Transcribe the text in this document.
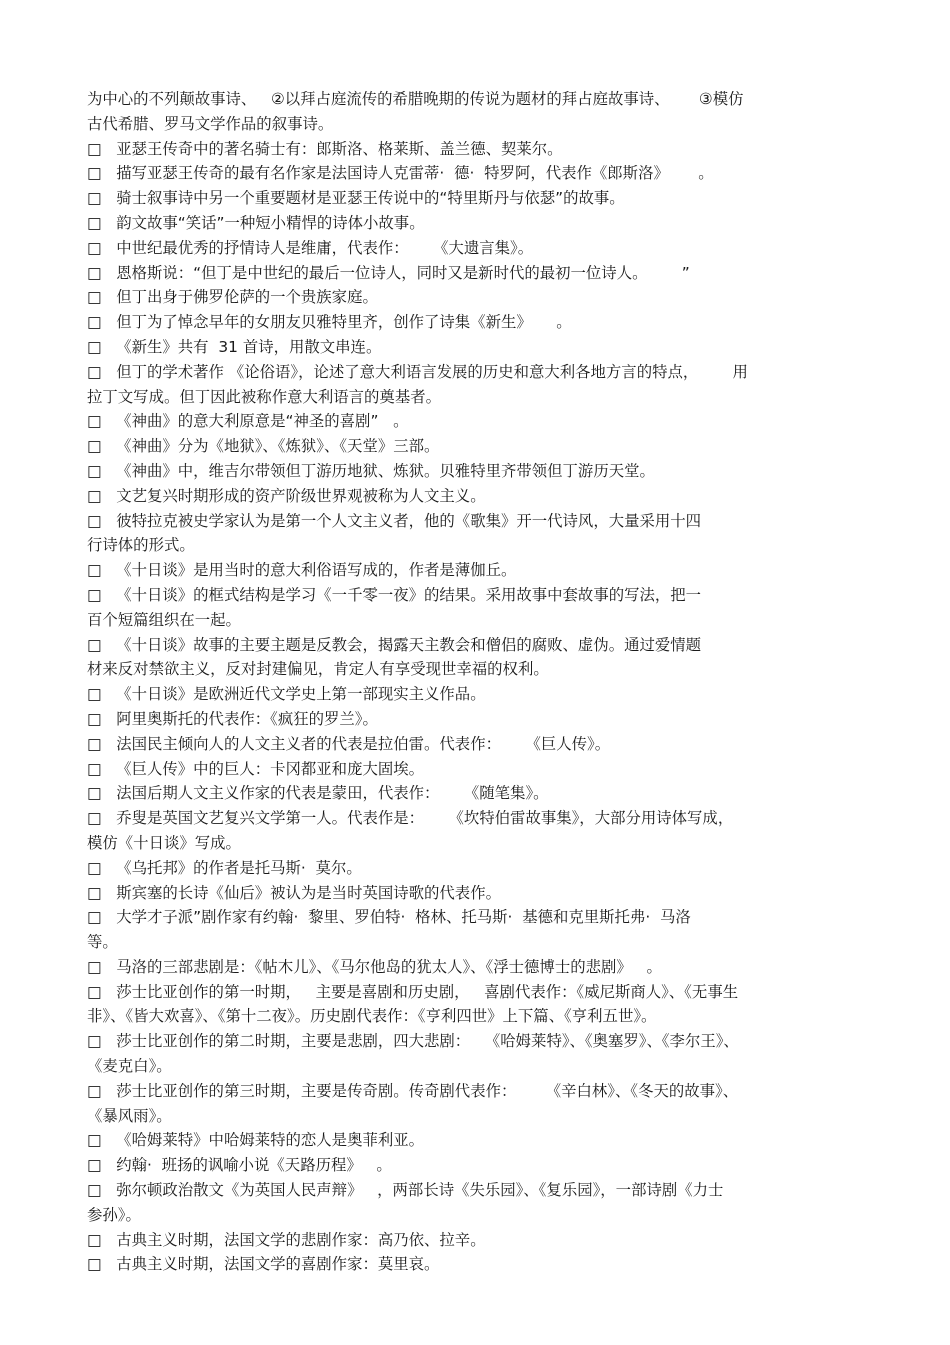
为中心的不列颠故事诗、   ②以拜占庭流传的希腊晚期的传说为题材的拜占庭故事诗、      ③模仿
古代希腊、罗马文学作品的叙事诗。
□   亚瑟王传奇中的著名骑士有：郎斯洛、格莱斯、盖兰德、契莱尔。
□   描写亚瑟王传奇的最有名作家是法国诗人克雷蒂·  德·  特罗阿，代表作《郎斯洛》      。
□   骑士叙事诗中另一个重要题材是亚瑟王传说中的“特里斯丹与依瑟”的故事。
□   韵文故事“笑话”一种短小精悍的诗体小故事。
□   中世纪最优秀的抒情诗人是维庸，代表作：     《大遗言集》。
□   恩格斯说：“但丁是中世纪的最后一位诗人，同时又是新时代的最初一位诗人。       ”
□   但丁出身于佛罗伦萨的一个贵族家庭。
□   但丁为了悼念早年的女朋友贝雅特里齐，创作了诗集《新生》     。
□   《新生》共有  31 首诗，用散文串连。
□   但丁的学术著作 《论俗语》，论述了意大利语言发展的历史和意大利各地方言的特点，       用
拉丁文写成。但丁因此被称作意大利语言的奠基者。
□   《神曲》的意大利原意是“神圣的喜剧”   。
□   《神曲》分为《地狱》、《炼狱》、《天堂》三部。
□   《神曲》中，维吉尔带领但丁游历地狱、炼狱。贝雅特里齐带领但丁游历天堂。
□   文艺复兴时期形成的资产阶级世界观被称为人文主义。
□   彼特拉克被史学家认为是第一个人文主义者，他的《歌集》开一代诗风，大量采用十四
行诗体的形式。
□   《十日谈》是用当时的意大利俗语写成的，作者是薄伽丘。
□   《十日谈》的框式结构是学习《一千零一夜》的结果。采用故事中套故事的写法，把一
百个短篇组织在一起。
□   《十日谈》故事的主要主题是反教会，揭露天主教会和僧侣的腐败、虚伪。通过爱情题
材来反对禁欲主义，反对封建偏见，肯定人有享受现世幸福的权利。
□   《十日谈》是欧洲近代文学史上第一部现实主义作品。
□   阿里奥斯托的代表作：《疯狂的罗兰》。
□   法国民主倾向人的人文主义者的代表是拉伯雷。代表作：     《巨人传》。
□   《巨人传》中的巨人：卡冈都亚和庞大固埃。
□   法国后期人文主义作家的代表是蒙田，代表作：     《随笔集》。
□   乔叟是英国文艺复兴文学第一人。代表作是：     《坎特伯雷故事集》，大部分用诗体写成，
模仿《十日谈》写成。
□   《乌托邦》的作者是托马斯·  莫尔。
□   斯宾塞的长诗《仙后》被认为是当时英国诗歌的代表作。
□   大学才子派”剧作家有约翰·  黎里、罗伯特·  格林、托马斯·  基德和克里斯托弗·  马洛
等。
□   马洛的三部悲剧是：《帖木儿》、《马尔他岛的犹太人》、《浮士德博士的悲剧》   。
□   莎士比亚创作的第一时期，   主要是喜剧和历史剧，   喜剧代表作：《威尼斯商人》、《无事生
非》、《皆大欢喜》、《第十二夜》。历史剧代表作：《亨利四世》上下篇、《亨利五世》。
□   莎士比亚创作的第二时期，主要是悲剧，四大悲剧：   《哈姆莱特》、《奥塞罗》、《李尔王》、
《麦克白》。
□   莎士比亚创作的第三时期，主要是传奇剧。传奇剧代表作：      《辛白林》、《冬天的故事》、
《暴风雨》。
□   《哈姆莱特》中哈姆莱特的恋人是奥菲利亚。
□   约翰·  班扬的讽喻小说《天路历程》   。
□   弥尔顿政治散文《为英国人民声辩》   ，两部长诗《失乐园》、《复乐园》，一部诗剧《力士
参孙》。
□   古典主义时期，法国文学的悲剧作家：高乃依、拉辛。
□   古典主义时期，法国文学的喜剧作家：莫里哀。
